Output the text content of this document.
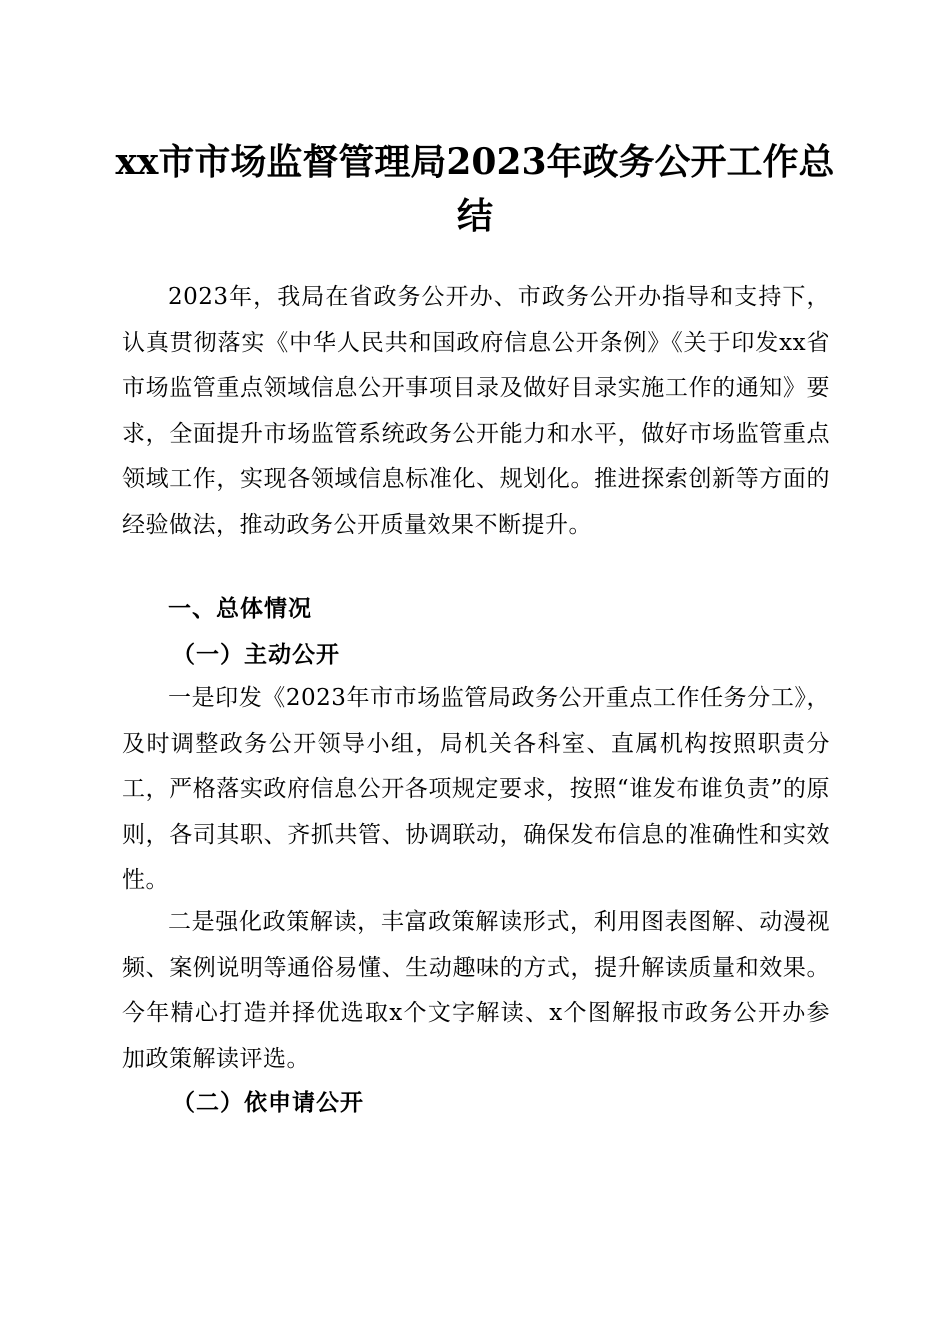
xx市市场监督管理局2023年政务公开工作总结

2023年，我局在省政务公开办、市政务公开办指导和支持下，认真贯彻落实《中华人民共和国政府信息公开条例》《关于印发xx省市场监管重点领域信息公开事项目录及做好目录实施工作的通知》要求，全面提升市场监管系统政务公开能力和水平，做好市场监管重点领域工作，实现各领域信息标准化、规划化。推进探索创新等方面的经验做法，推动政务公开质量效果不断提升。

一、总体情况
（一）主动公开

一是印发《2023年市市场监管局政务公开重点工作任务分工》，及时调整政务公开领导小组，局机关各科室、直属机构按照职责分工，严格落实政府信息公开各项规定要求，按照“谁发布谁负责”的原则，各司其职、齐抓共管、协调联动，确保发布信息的准确性和实效性。

二是强化政策解读，丰富政策解读形式，利用图表图解、动漫视频、案例说明等通俗易懂、生动趣味的方式，提升解读质量和效果。今年精心打造并择优选取x个文字解读、x个图解报市政务公开办参加政策解读评选。

（二）依申请公开
